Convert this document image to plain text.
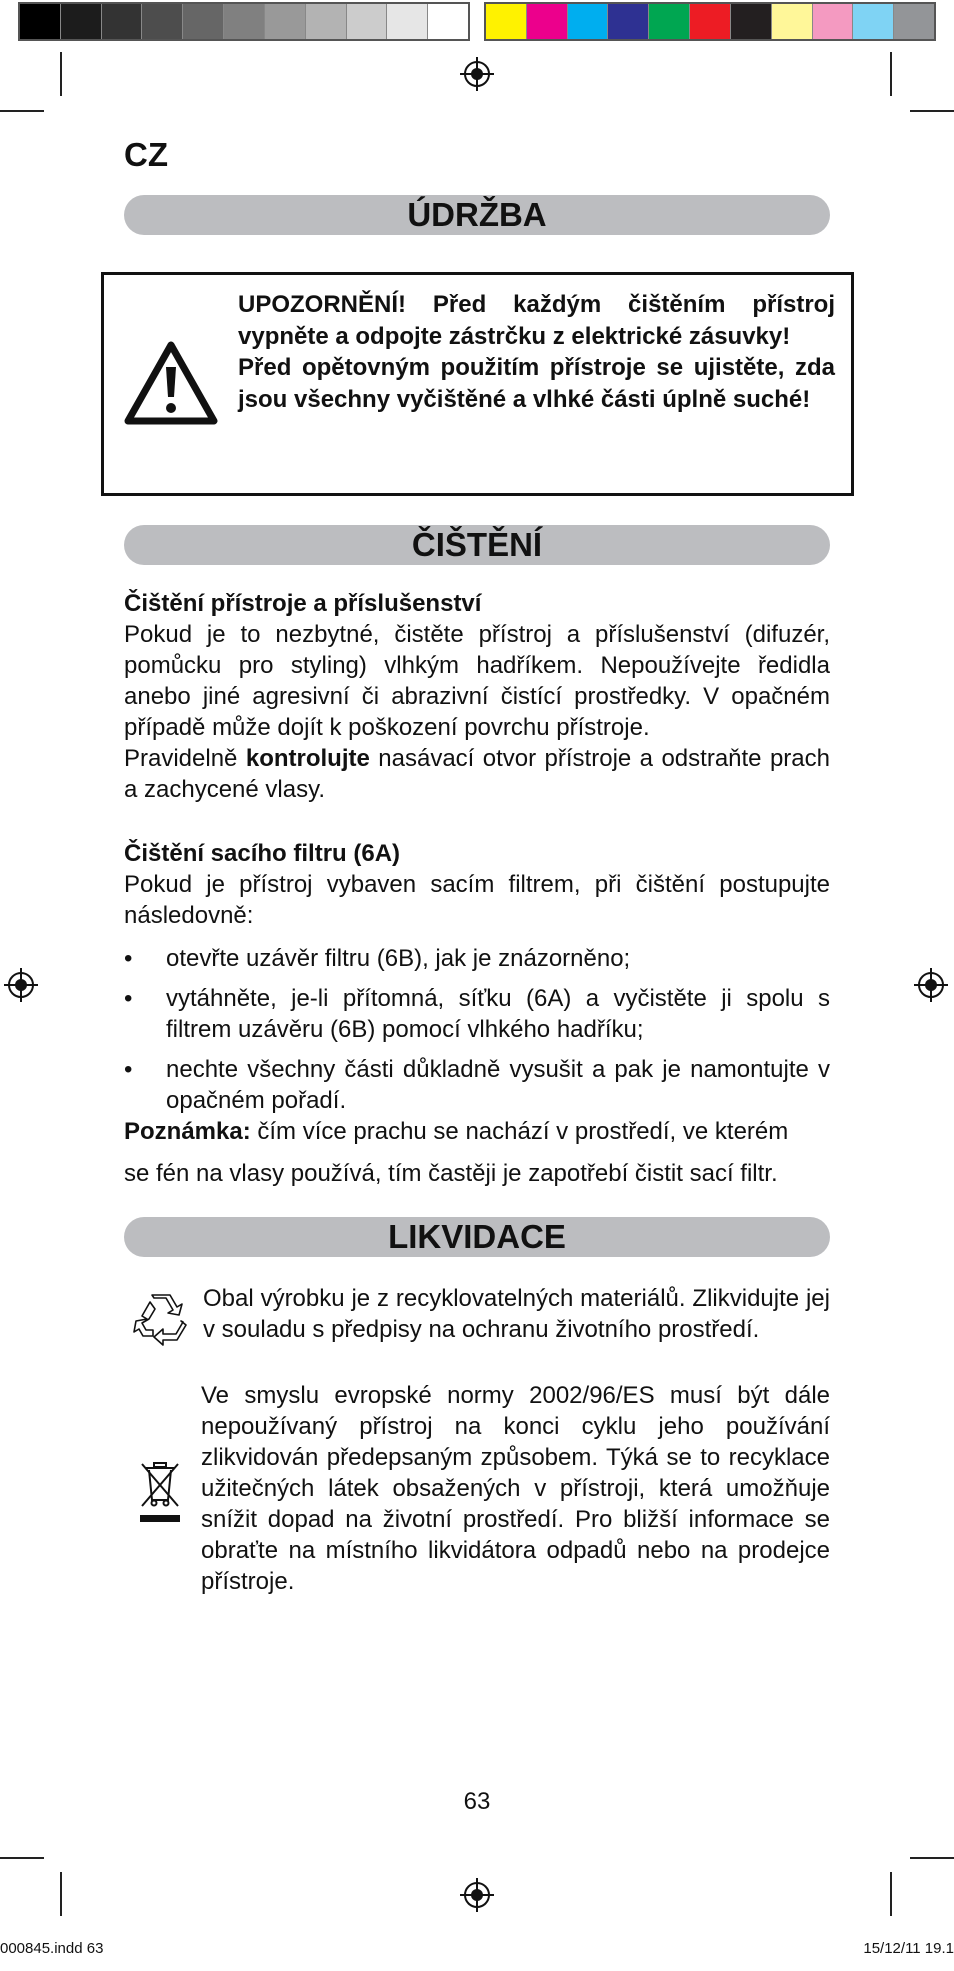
CZ
ÚDRŽBA

UPOZORNĚNÍ! Před každým čištěním přístroj vypněte a odpojte zástrčku z elektrické zásuvky!

Před opětovným použitím přístroje se ujistěte, zda jsou všechny vyčištěné a vlhké části úplně suché!

ČIŠTĚNÍ

Čištění přístroje a příslušenství

Pokud je to nezbytné, čistěte přístroj a příslušenství (difuzér, pomůcku pro styling) vlhkým hadříkem. Nepoužívejte ředidla anebo jiné agresivní či abrazivní čistící prostředky. V opačném případě může dojít k poškození povrchu přístroje.

Pravidelně kontrolujte nasávací otvor přístroje a odstraňte prach a zachycené vlasy.

Čištění sacího filtru (6A)

Pokud je přístroj vybaven sacím filtrem, při čištění postupujte následovně:

• otevřte uzávěr filtru (6B), jak je znázorněno;
• vytáhněte, je-li přítomná, síťku (6A) a vyčistěte ji spolu s filtrem uzávěru (6B) pomocí vlhkého hadříku;
• nechte všechny části důkladně vysušit a pak je namontujte v opačném pořadí.

Poznámka: čím více prachu se nachází v prostředí, ve kterém

se fén na vlasy používá, tím častěji je zapotřebí čistit sací filtr.

LIKVIDACE
Obal výrobku je z recyklovatelných materiálů. Zlikvidujte jej v souladu s předpisy na ochranu životního prostředí.
Ve smyslu evropské normy 2002/96/ES musí být dále nepoužívaný přístroj na konci cyklu jeho používání zlikvidován předepsaným způsobem. Týká se to recyklace užitečných látek obsažených v přístroji, která umožňuje snížit dopad na životní prostředí. Pro bližší informace se obraťte na místního likvidátora odpadů nebo na prodejce přístroje.
63
000845.indd 63	15/12/11 19.1
